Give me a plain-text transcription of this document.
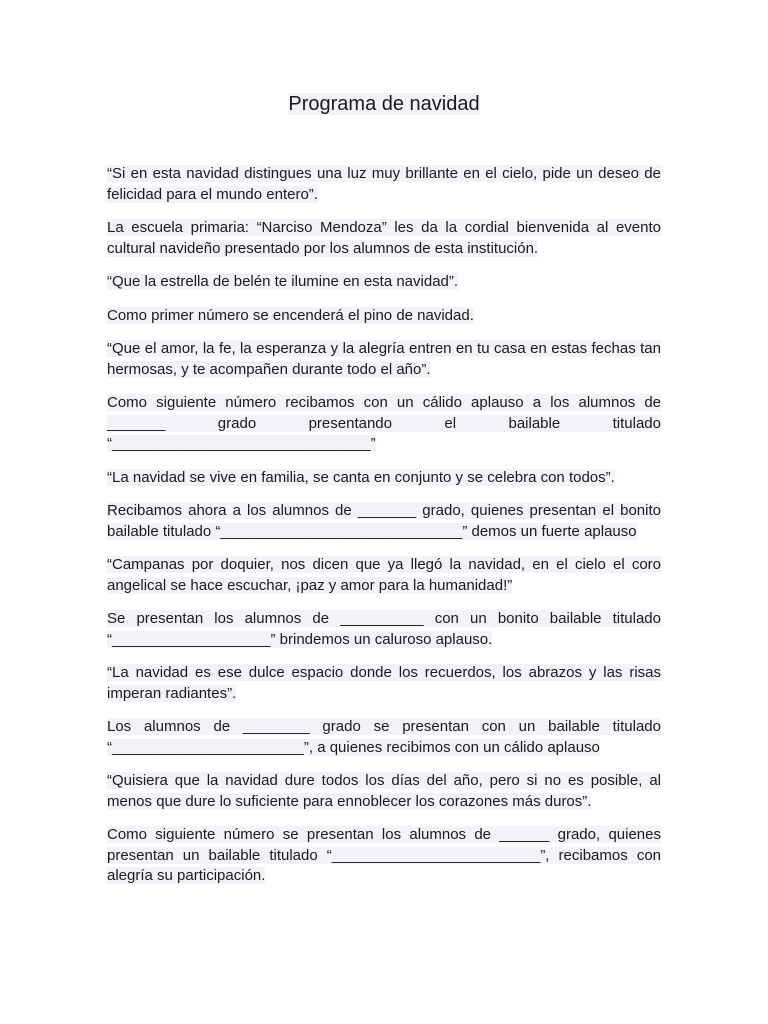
Programa de navidad

“Si en esta navidad distingues una luz muy brillante en el cielo, pide un deseo de felicidad para el mundo entero”.

La escuela primaria: “Narciso Mendoza” les da la cordial bienvenida al evento cultural navideño presentado por los alumnos de esta institución.

“Que la estrella de belén te ilumine en esta navidad”.

Como primer número se encenderá el pino de navidad.

“Que el amor, la fe, la esperanza y la alegría entren en tu casa en estas fechas tan hermosas, y te acompañen durante todo el año”.

Como siguiente número recibamos con un cálido aplauso a los alumnos de _______ grado presentando el bailable titulado “_______________________________”

“La navidad se vive en familia, se canta en conjunto y se celebra con todos”.

Recibamos ahora a los alumnos de _______ grado, quienes presentan el bonito bailable titulado “_____________________________” demos un fuerte aplauso

“Campanas por doquier, nos dicen que ya llegó la navidad, en el cielo el coro angelical se hace escuchar, ¡paz y amor para la humanidad!”

Se presentan los alumnos de __________ con un bonito bailable titulado “___________________” brindemos un caluroso aplauso.

“La navidad es ese dulce espacio donde los recuerdos, los abrazos y las risas imperan radiantes”.

Los alumnos de ________ grado se presentan con un bailable titulado “_______________________”, a quienes recibimos con un cálido aplauso

“Quisiera que la navidad dure todos los días del año, pero si no es posible, al menos que dure lo suficiente para ennoblecer los corazones más duros”.

Como siguiente número se presentan los alumnos de ______ grado, quienes presentan un bailable titulado “_________________________”, recibamos con alegría su participación.
